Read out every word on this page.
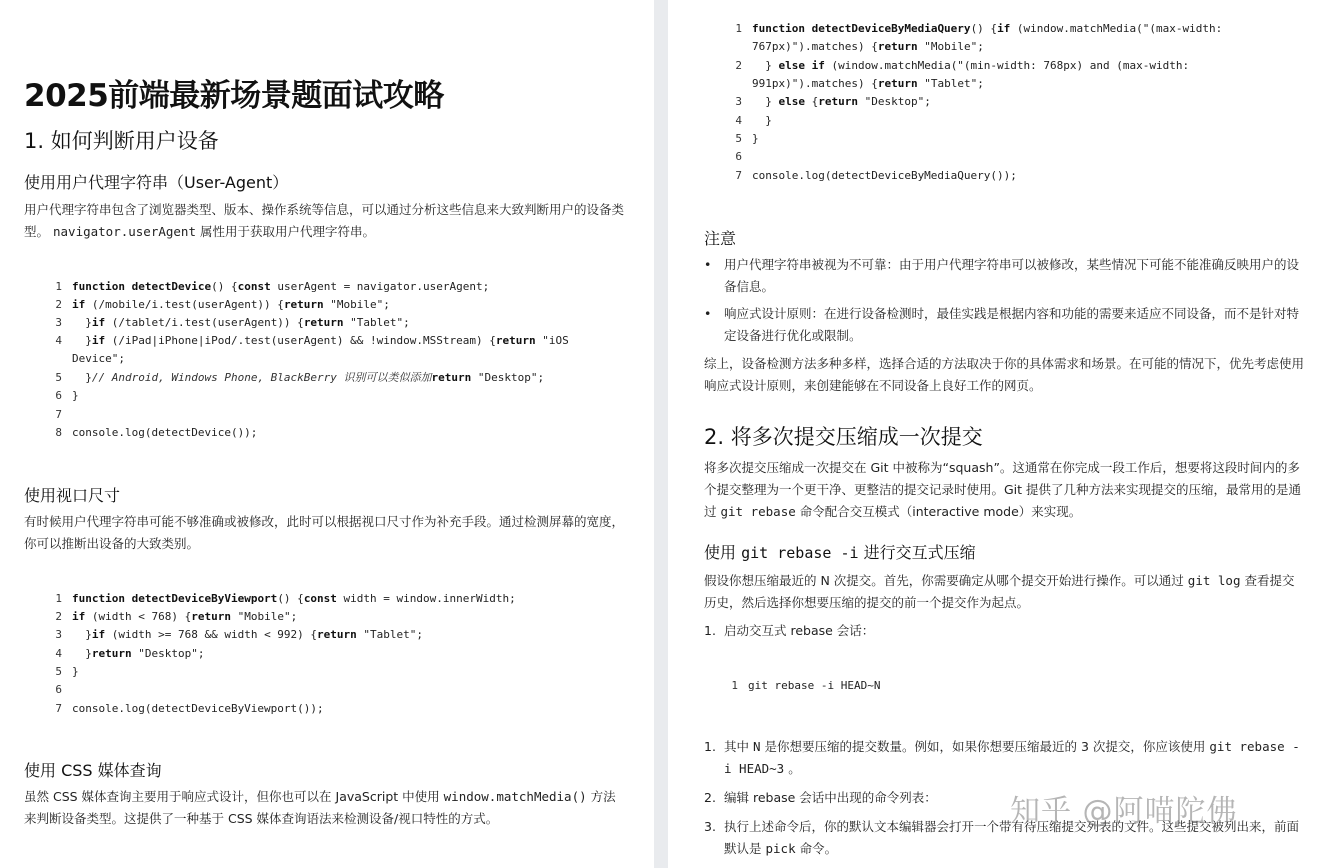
2025前端最新场景题面试攻略
1. 如何判断用户设备
使用用户代理字符串（User-Agent）

用户代理字符串包含了浏览器类型、版本、操作系统等信息，可以通过分析这些信息来大致判断用户的设备类型。 navigator.userAgent 属性用于获取用户代理字符串。

1 function detectDevice() {const userAgent = navigator.userAgent;
2 if (/mobile/i.test(userAgent)) {return "Mobile";
3 }if (/tablet/i.test(userAgent)) {return "Tablet";
4 }if (/iPad|iPhone|iPod/.test(userAgent) && !window.MSStream) {return "iOS
Device";
5 }// Android, Windows Phone, BlackBerry 识别可以类似添加return "Desktop";
6 }
7
8 console.log(detectDevice());
使用视口尺寸

有时候用户代理字符串可能不够准确或被修改，此时可以根据视口尺寸作为补充手段。通过检测屏幕的宽度，你可以推断出设备的大致类别。

1 function detectDeviceByViewport() {const width = window.innerWidth;
2 if (width < 768) {return "Mobile";
3 }if (width >= 768 && width < 992) {return "Tablet";
4 }return "Desktop";
5 }
6
7 console.log(detectDeviceByViewport());
使用 CSS 媒体查询

虽然 CSS 媒体查询主要用于响应式设计，但你也可以在 JavaScript 中使用 window.matchMedia() 方法来判断设备类型。这提供了一种基于 CSS 媒体查询语法来检测设备/视口特性的方式。

1 function detectDeviceByMediaQuery() {if (window.matchMedia("(max-width:
767px)").matches) {return "Mobile";
2 } else if (window.matchMedia("(min-width: 768px) and (max-width:
991px)").matches) {return "Tablet";
3 } else {return "Desktop";
4 }
5 }
6
7 console.log(detectDeviceByMediaQuery());
注意
• 用户代理字符串被视为不可靠：由于用户代理字符串可以被修改，某些情况下可能不能准确反映用户的设备信息。
• 响应式设计原则：在进行设备检测时，最佳实践是根据内容和功能的需要来适应不同设备，而不是针对特定设备进行优化或限制。

综上，设备检测方法多种多样，选择合适的方法取决于你的具体需求和场景。在可能的情况下，优先考虑使用响应式设计原则，来创建能够在不同设备上良好工作的网页。

2. 将多次提交压缩成一次提交

将多次提交压缩成一次提交在 Git 中被称为“squash”。这通常在你完成一段工作后，想要将这段时间内的多个提交整理为一个更干净、更整洁的提交记录时使用。Git 提供了几种方法来实现提交的压缩，最常用的是通过 git rebase 命令配合交互模式（interactive mode）来实现。

使用 git rebase -i 进行交互式压缩

假设你想压缩最近的 N 次提交。首先，你需要确定从哪个提交开始进行操作。可以通过 git log 查看提交历史，然后选择你想要压缩的提交的前一个提交作为起点。

1. 启动交互式 rebase 会话：
1 git rebase -i HEAD~N
1. 其中 N 是你想要压缩的提交数量。例如，如果你想要压缩最近的 3 次提交，你应该使用 git rebase -i HEAD~3 。
2. 编辑 rebase 会话中出现的命令列表：
3. 执行上述命令后，你的默认文本编辑器会打开一个带有待压缩提交列表的文件。这些提交被列出来，前面默认是 pick 命令。
知乎 @阿喵陀佛
